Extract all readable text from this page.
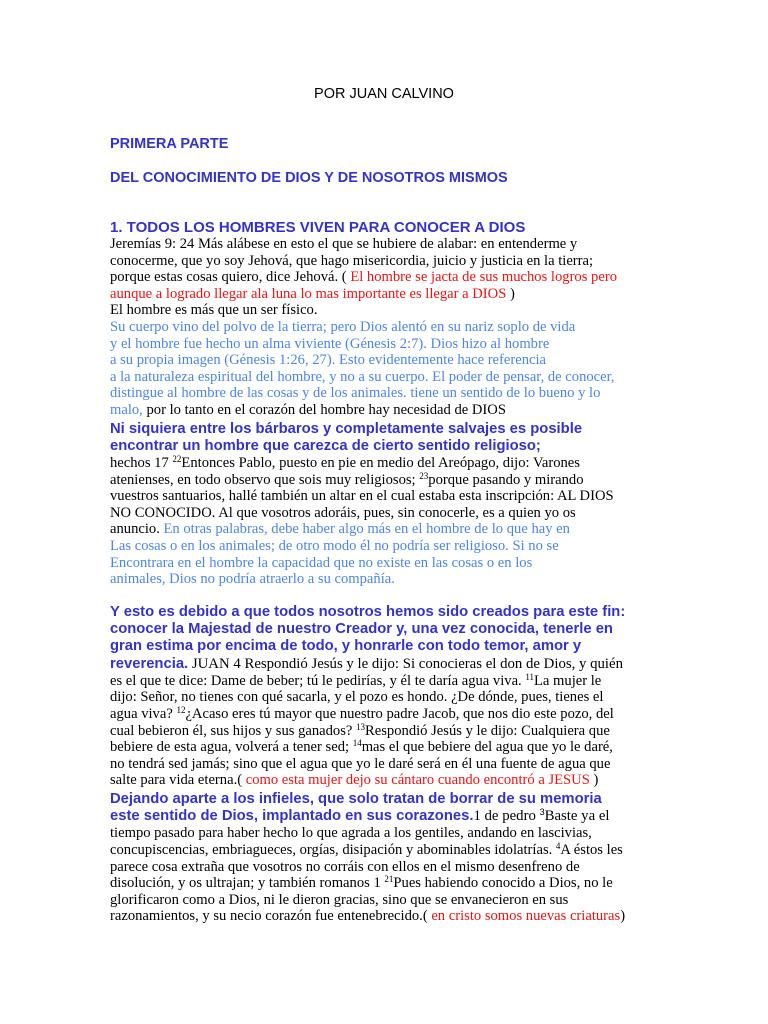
POR JUAN CALVINO
PRIMERA PARTE
DEL CONOCIMIENTO DE DIOS Y DE NOSOTROS MISMOS
1. TODOS LOS HOMBRES VIVEN PARA CONOCER A DIOS
Jeremías 9: 24 Más alábese en esto el que se hubiere de alabar: en entenderme y
conocerme, que yo soy Jehová, que hago misericordia, juicio y justicia en la tierra;
porque estas cosas quiero, dice Jehová. ( El hombre se jacta de sus muchos logros pero
aunque a logrado llegar ala luna lo mas importante es llegar a DIOS )
El hombre es más que un ser físico.
Su cuerpo vino del polvo de la tierra; pero Dios alentó en su nariz soplo de vida
y el hombre fue hecho un alma viviente (Génesis 2:7). Dios hizo al hombre
a su propia imagen (Génesis 1:26, 27). Esto evidentemente hace referencia
a la naturaleza espiritual del hombre, y no a su cuerpo. El poder de pensar, de conocer,
distingue al hombre de las cosas y de los animales. tiene un sentido de lo bueno y lo
malo, por lo tanto en el corazón del hombre hay necesidad de DIOS
Ni siquiera entre los bárbaros y completamente salvajes es posible
encontrar un hombre que carezca de cierto sentido religioso;
hechos 17 $^{22}$Entonces Pablo, puesto en pie en medio del Areópago, dijo: Varones
atenienses, en todo observo que sois muy religiosos; $^{23}$porque pasando y mirando
vuestros santuarios, hallé también un altar en el cual estaba esta inscripción: AL DIOS
NO CONOCIDO. Al que vosotros adoráis, pues, sin conocerle, es a quien yo os
anuncio. En otras palabras, debe haber algo más en el hombre de lo que hay en
Las cosas o en los animales; de otro modo él no podría ser religioso. Si no se
Encontrara en el hombre la capacidad que no existe en las cosas o en los
animales, Dios no podría atraerlo a su compañía.
Y esto es debido a que todos nosotros hemos sido creados para este fin:
conocer la Majestad de nuestro Creador y, una vez conocida, tenerle en
gran estima por encima de todo, y honrarle con todo temor, amor y
reverencia. JUAN 4 Respondió Jesús y le dijo: Si conocieras el don de Dios, y quién
es el que te dice: Dame de beber; tú le pedirías, y él te daría agua viva. $^{11}$La mujer le
dijo: Señor, no tienes con qué sacarla, y el pozo es hondo. ¿De dónde, pues, tienes el
agua viva? $^{12}$¿Acaso eres tú mayor que nuestro padre Jacob, que nos dio este pozo, del
cual bebieron él, sus hijos y sus ganados? $^{13}$Respondió Jesús y le dijo: Cualquiera que
bebiere de esta agua, volverá a tener sed; $^{14}$mas el que bebiere del agua que yo le daré,
no tendrá sed jamás; sino que el agua que yo le daré será en él una fuente de agua que
salte para vida eterna.( como esta mujer dejo su cántaro cuando encontró a JESUS )
Dejando aparte a los infieles, que solo tratan de borrar de su memoria
este sentido de Dios, implantado en sus corazones.1 de pedro $^3$Baste ya el
tiempo pasado para haber hecho lo que agrada a los gentiles, andando en lascivias,
concupiscencias, embriagueces, orgías, disipación y abominables idolatrías. $^4$A éstos les
parece cosa extraña que vosotros no corráis con ellos en el mismo desenfreno de
disolución, y os ultrajan; y también romanos 1 $^{21}$Pues habiendo conocido a Dios, no le
glorificaron como a Dios, ni le dieron gracias, sino que se envanecieron en sus
razonamientos, y su necio corazón fue entenebrecido.( en cristo somos nuevas criaturas)
